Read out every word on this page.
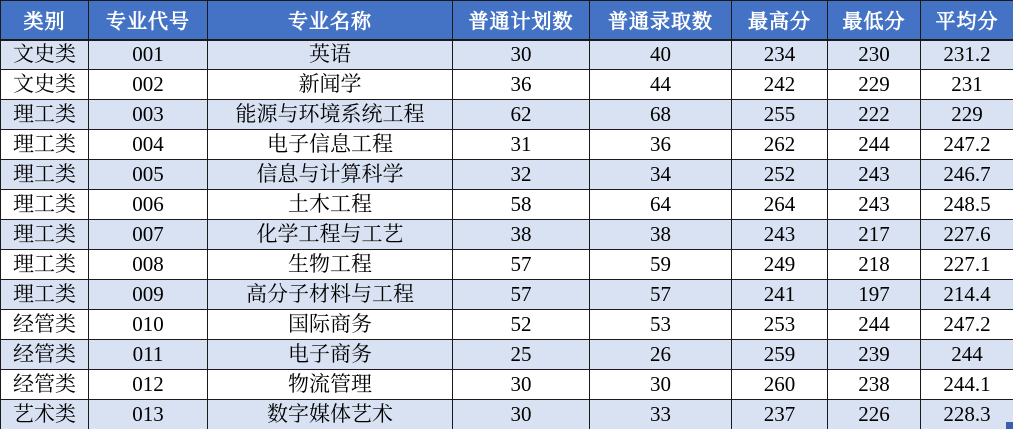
类别	专业代号	专业名称	普通计划数	普通录取数	最高分	最低分	平均分
文史类	001	英语	30	40	234	230	231.2
文史类	002	新闻学	36	44	242	229	231
理工类	003	能源与环境系统工程	62	68	255	222	229
理工类	004	电子信息工程	31	36	262	244	247.2
理工类	005	信息与计算科学	32	34	252	243	246.7
理工类	006	土木工程	58	64	264	243	248.5
理工类	007	化学工程与工艺	38	38	243	217	227.6
理工类	008	生物工程	57	59	249	218	227.1
理工类	009	高分子材料与工程	57	57	241	197	214.4
经管类	010	国际商务	52	53	253	244	247.2
经管类	011	电子商务	25	26	259	239	244
经管类	012	物流管理	30	30	260	238	244.1
艺术类	013	数字媒体艺术	30	33	237	226	228.3
